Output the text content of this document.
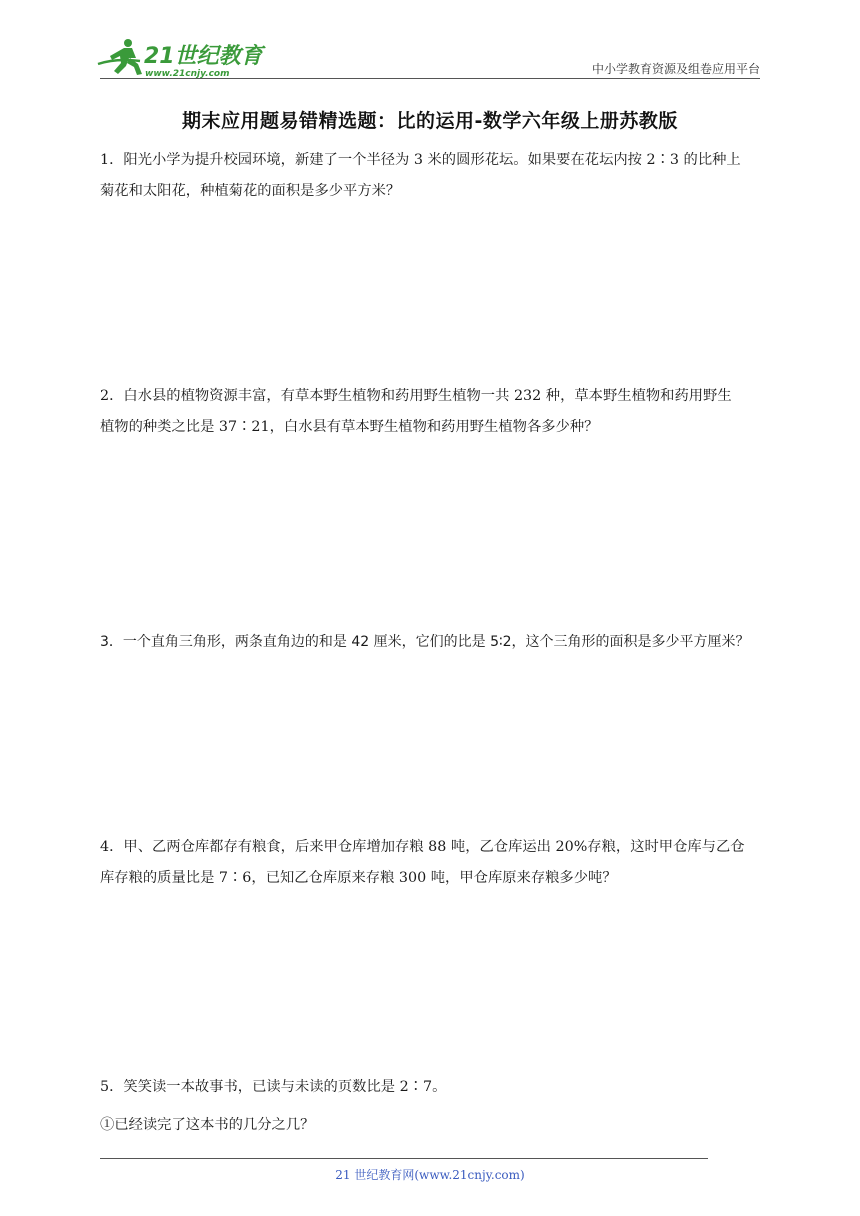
21世纪教育
www.21cnjy.com	中小学教育资源及组卷应用平台
期末应用题易错精选题：比的运用-数学六年级上册苏教版
1．阳光小学为提升校园环境，新建了一个半径为 3 米的圆形花坛。如果要在花坛内按 2∶3 的比种上
菊花和太阳花，种植菊花的面积是多少平方米？
2．白水县的植物资源丰富，有草本野生植物和药用野生植物一共 232 种，草本野生植物和药用野生
植物的种类之比是 37∶21，白水县有草本野生植物和药用野生植物各多少种？
3．一个直角三角形，两条直角边的和是 42 厘米，它们的比是 5∶2，这个三角形的面积是多少平方厘米？
4．甲、乙两仓库都存有粮食，后来甲仓库增加存粮 88 吨，乙仓库运出 20%存粮，这时甲仓库与乙仓
库存粮的质量比是 7∶6，已知乙仓库原来存粮 300 吨，甲仓库原来存粮多少吨？
5．笑笑读一本故事书，已读与未读的页数比是 2∶7。
①已经读完了这本书的几分之几？
21 世纪教育网(www.21cnjy.com)
